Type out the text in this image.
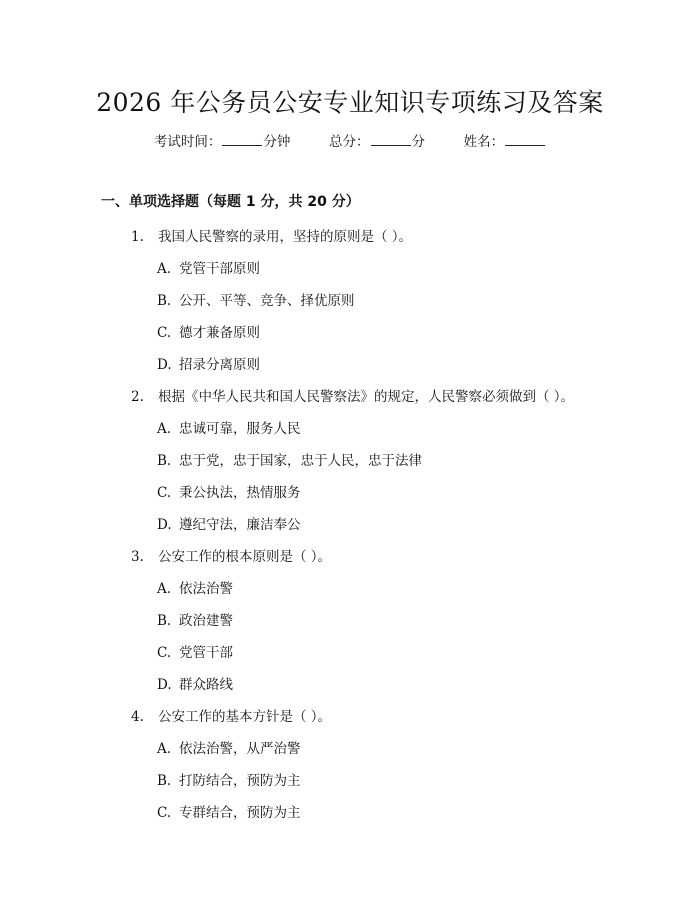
2026 年公务员公安专业知识专项练习及答案
考试时间：	分钟	总分：	分	姓名：
一、单项选择题（每题 1 分，共 20 分）
1. 我国人民警察的录用，坚持的原则是（ ）。
A. 党管干部原则
B. 公开、平等、竞争、择优原则
C. 德才兼备原则
D. 招录分离原则
2. 根据《中华人民共和国人民警察法》的规定，人民警察必须做到（ ）。
A. 忠诚可靠，服务人民
B. 忠于党，忠于国家，忠于人民，忠于法律
C. 秉公执法，热情服务
D. 遵纪守法，廉洁奉公
3. 公安工作的根本原则是（ ）。
A. 依法治警
B. 政治建警
C. 党管干部
D. 群众路线
4. 公安工作的基本方针是（ ）。
A. 依法治警，从严治警
B. 打防结合，预防为主
C. 专群结合，预防为主
